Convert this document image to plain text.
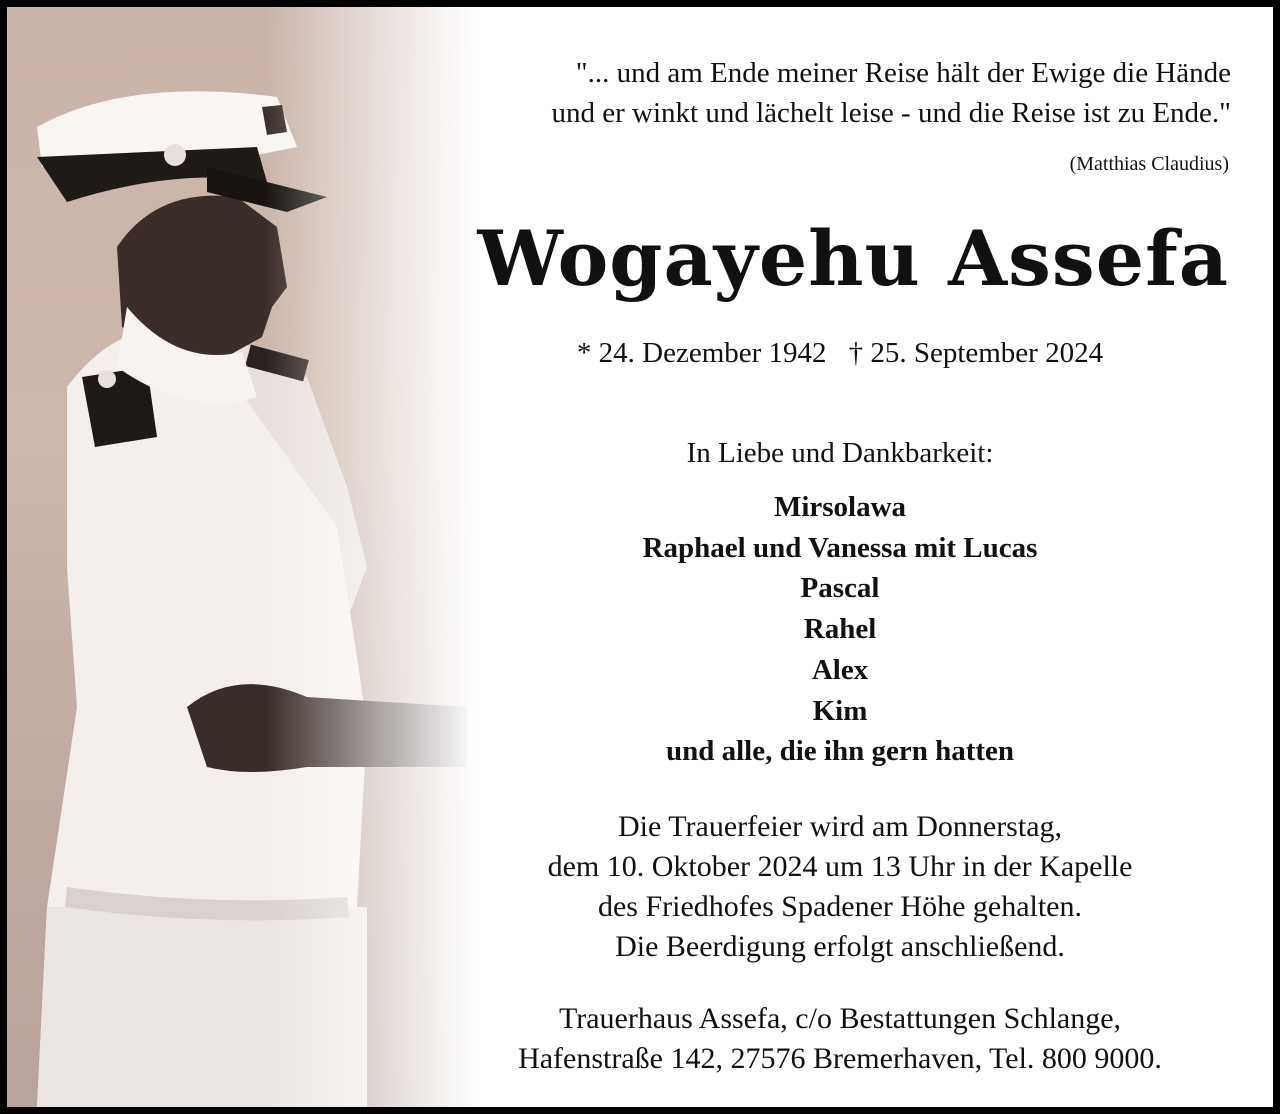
"... und am Ende meiner Reise hält der Ewige die Hände
und er winkt und lächelt leise - und die Reise ist zu Ende."
(Matthias Claudius)
Wogayehu Assefa
* 24. Dezember 1942 † 25. September 2024
In Liebe und Dankbarkeit:
Mirsolawa
Raphael und Vanessa mit Lucas
Pascal
Rahel
Alex
Kim
und alle, die ihn gern hatten
Die Trauerfeier wird am Donnerstag,
dem 10. Oktober 2024 um 13 Uhr in der Kapelle
des Friedhofes Spadener Höhe gehalten.
Die Beerdigung erfolgt anschließend.
Trauerhaus Assefa, c/o Bestattungen Schlange,
Hafenstraße 142, 27576 Bremerhaven, Tel. 800 9000.
